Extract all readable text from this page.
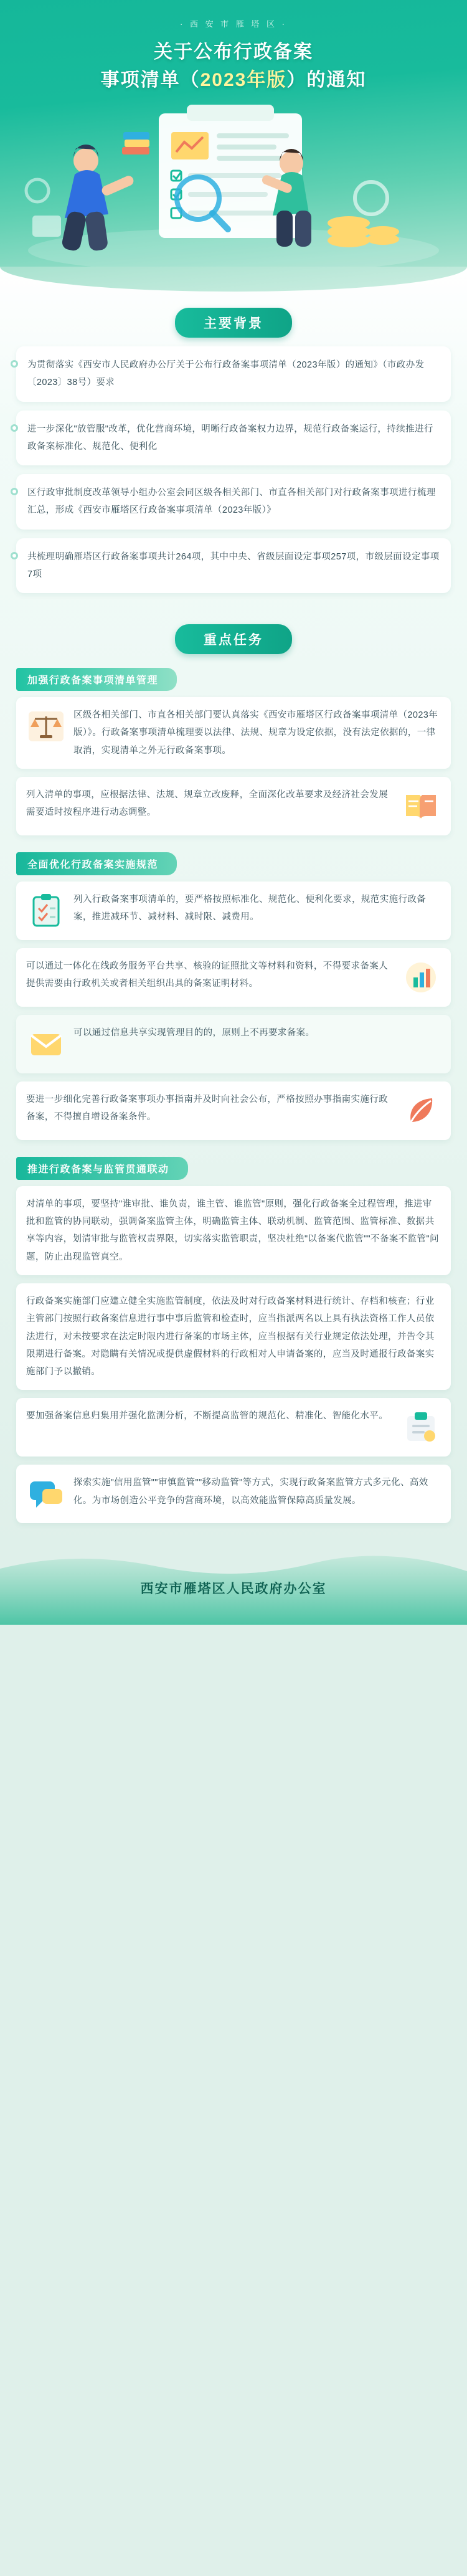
· 西 安 市 雁 塔 区 ·
关于公布行政备案
事项清单（2023年版）的通知
主要背景
为贯彻落实《西安市人民政府办公厅关于公布行政备案事项清单（2023年版）的通知》（市政办发〔2023〕38号）要求
进一步深化"放管服"改革，优化营商环境，明晰行政备案权力边界，规范行政备案运行，持续推进行政备案标准化、规范化、便利化
区行政审批制度改革领导小组办公室会同区级各相关部门、市直各相关部门对行政备案事项进行梳理汇总，形成《西安市雁塔区行政备案事项清单（2023年版）》
共梳理明确雁塔区行政备案事项共计264项，其中中央、省级层面设定事项257项，市级层面设定事项7项
重点任务
加强行政备案事项清单管理
区级各相关部门、市直各相关部门要认真落实《西安市雁塔区行政备案事项清单（2023年版）》。行政备案事项清单梳理要以法律、法规、规章为设定依据，没有法定依据的，一律取消，实现清单之外无行政备案事项。
列入清单的事项，应根据法律、法规、规章立改废释，全面深化改革要求及经济社会发展需要适时按程序进行动态调整。
全面优化行政备案实施规范
列入行政备案事项清单的，要严格按照标准化、规范化、便利化要求，规范实施行政备案，推进减环节、减材料、减时限、减费用。
可以通过一体化在线政务服务平台共享、核验的证照批文等材料和资料，不得要求备案人提供需要由行政机关或者相关组织出具的备案证明材料。
可以通过信息共享实现管理目的的，原则上不再要求备案。
要进一步细化完善行政备案事项办事指南并及时向社会公布，严格按照办事指南实施行政备案，不得擅自增设备案条件。
推进行政备案与监管贯通联动
对清单的事项，要坚持"谁审批、谁负责，谁主管、谁监管"原则，强化行政备案全过程管理，推进审批和监管的协同联动，强调备案监管主体，明确监管主体、联动机制、监管范围、监管标准、数据共享等内容，划清审批与监管权责界限，切实落实监管职责，坚决杜绝"以备案代监管""不备案不监管"问题，防止出现监管真空。
行政备案实施部门应建立健全实施监管制度，依法及时对行政备案材料进行统计、存档和核查；行业主管部门按照行政备案信息进行事中事后监管和检查时，应当指派两名以上具有执法资格工作人员依法进行，对未按要求在法定时限内进行备案的市场主体，应当根据有关行业规定依法处理，并告令其限期进行备案。对隐瞒有关情况或提供虚假材料的行政相对人申请备案的，应当及时通报行政备案实施部门予以撤销。
要加强备案信息归集用并强化监测分析，不断提高监管的规范化、精准化、智能化水平。
探索实施"信用监管""审慎监管""移动监管"等方式，实现行政备案监管方式多元化、高效化。为市场创造公平竞争的营商环境，以高效能监管保障高质量发展。
西安市雁塔区人民政府办公室
